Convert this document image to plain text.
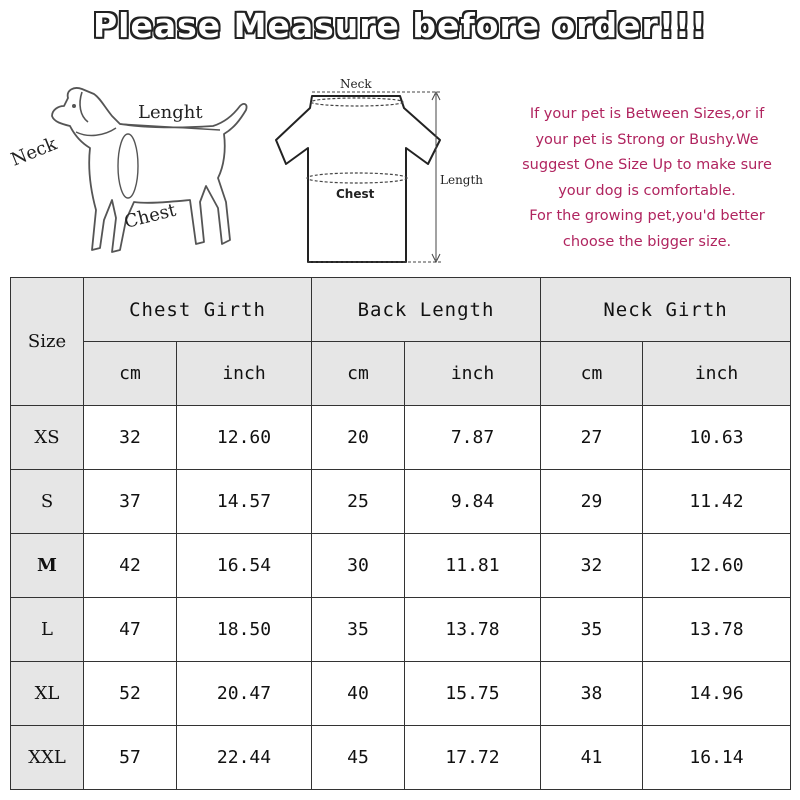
Please Measure before order!!!
Neck
Lenght
Chest
Neck
Chest
Length
If your pet is Between Sizes,or if
your pet is Strong or Bushy.We
suggest One Size Up to make sure
your dog is comfortable.
For the growing pet,you'd better
choose the bigger size.
Size	Chest Girth		Back Length		Neck Girth	
	cm	inch	cm	inch	cm	inch
XS	32	12.60	20	7.87	27	10.63
S	37	14.57	25	9.84	29	11.42
M	42	16.54	30	11.81	32	12.60
L	47	18.50	35	13.78	35	13.78
XL	52	20.47	40	15.75	38	14.96
XXL	57	22.44	45	17.72	41	16.14
